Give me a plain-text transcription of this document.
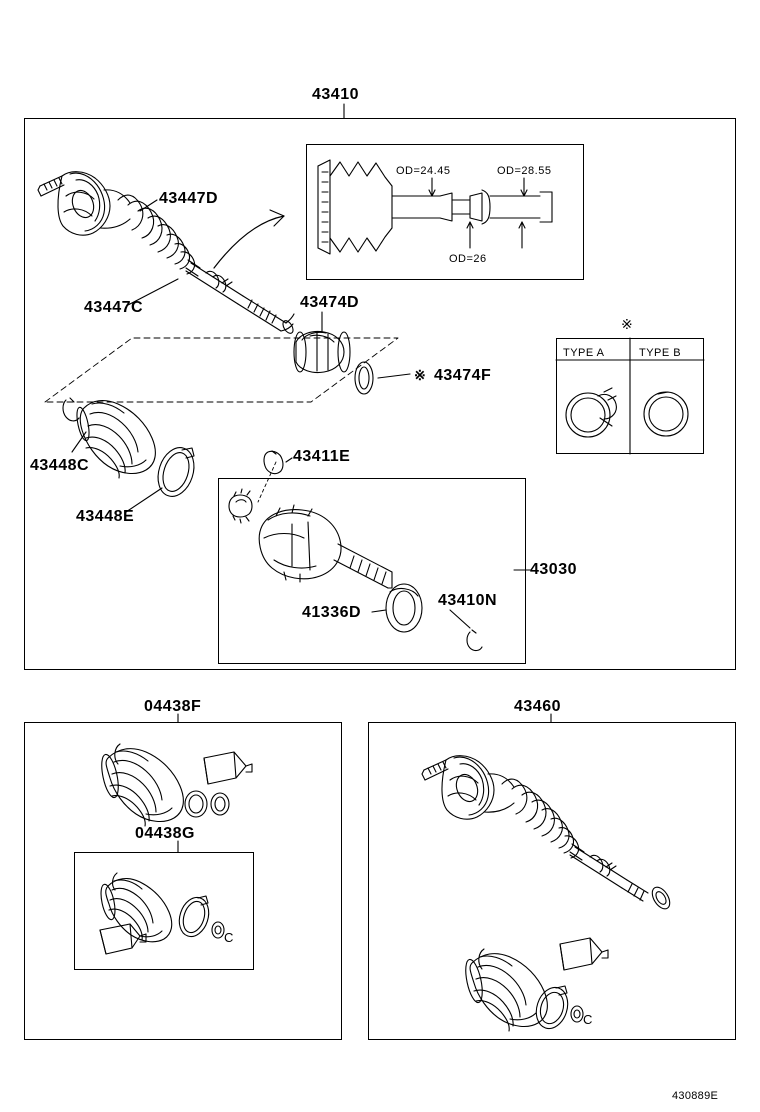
43410
43447D
43447C	43474D
※ 43474F
43448C
43448E
43411E
43030
41336D
43410N
04438F
04438G
43460
OD=24.45	OD=28.55
OD=26
※
TYPE A	TYPE B
C
C
430889E
